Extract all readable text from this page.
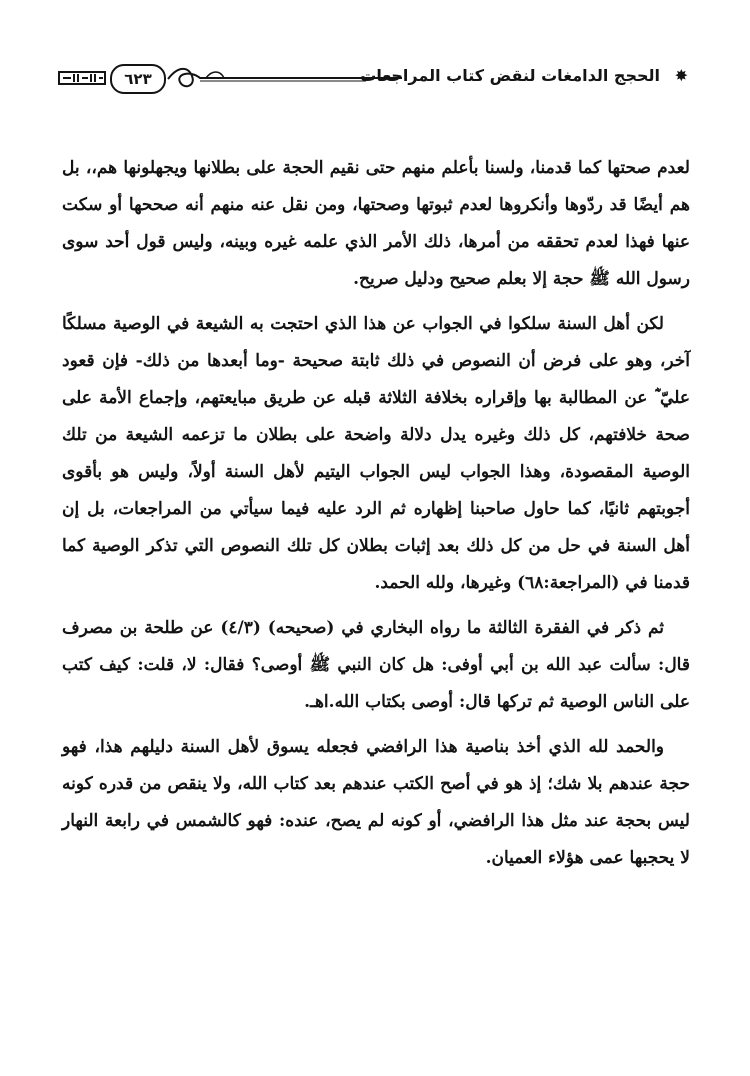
٦٢٣	الحجج الدامغات لنقض كتاب المراجعات ✸

لعدم صحتها كما قدمنا، ولسنا بأعلم منهم حتى نقيم الحجة على بطلانها ويجهلونها هم،، بل هم أيضًا قد ردّوها وأنكروها لعدم ثبوتها وصحتها، ومن نقل عنه منهم أنه صححها أو سكت عنها فهذا لعدم تحققه من أمرها، ذلك الأمر الذي علمه غيره وبينه، وليس قول أحد سوى رسول الله ﷺ حجة إلا بعلم صحيح ودليل صريح.

لكن أهل السنة سلكوا في الجواب عن هذا الذي احتجت به الشيعة في الوصية مسلكًا آخر، وهو على فرض أن النصوص في ذلك ثابتة صحيحة -وما أبعدها من ذلك- فإن قعود عليّ ؓ عن المطالبة بها وإقراره بخلافة الثلاثة قبله عن طريق مبايعتهم، وإجماع الأمة على صحة خلافتهم، كل ذلك وغيره يدل دلالة واضحة على بطلان ما تزعمه الشيعة من تلك الوصية المقصودة، وهذا الجواب ليس الجواب اليتيم لأهل السنة أولاً، وليس هو بأقوى أجوبتهم ثانيًا، كما حاول صاحبنا إظهاره ثم الرد عليه فيما سيأتي من المراجعات، بل إن أهل السنة في حل من كل ذلك بعد إثبات بطلان كل تلك النصوص التي تذكر الوصية كما قدمنا في (المراجعة:٦٨) وغيرها، ولله الحمد.

ثم ذكر في الفقرة الثالثة ما رواه البخاري في (صحيحه) (٤/٣) عن طلحة بن مصرف قال: سألت عبد الله بن أبي أوفى: هل كان النبي ﷺ أوصى؟ فقال: لا، قلت: كيف كتب على الناس الوصية ثم تركها قال: أوصى بكتاب الله.اهـ.

والحمد لله الذي أخذ بناصية هذا الرافضي فجعله يسوق لأهل السنة دليلهم هذا، فهو حجة عندهم بلا شك؛ إذ هو في أصح الكتب عندهم بعد كتاب الله، ولا ينقص من قدره كونه ليس بحجة عند مثل هذا الرافضي، أو كونه لم يصح، عنده: فهو كالشمس في رابعة النهار لا يحجبها عمى هؤلاء العميان.
